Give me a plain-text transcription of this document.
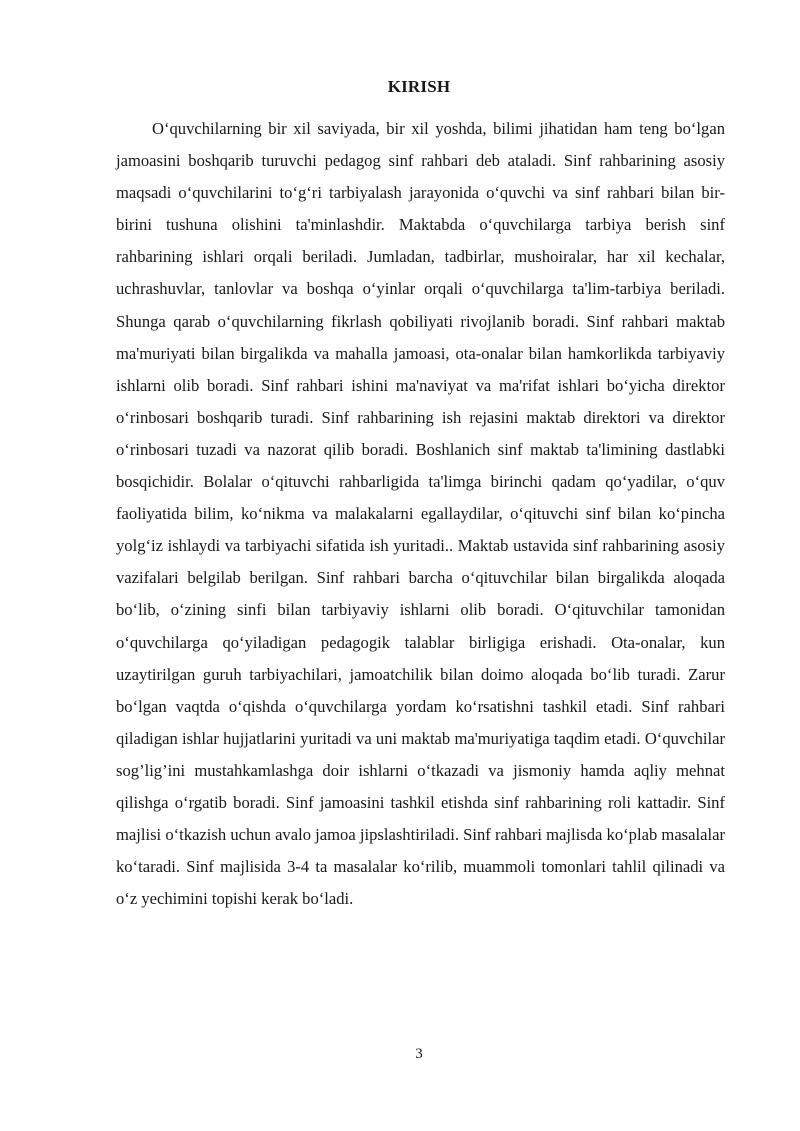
KIRISH

O‘quvchilarning bir xil saviyada, bir xil yoshda, bilimi jihatidan ham teng bo‘lgan jamoasini boshqarib turuvchi pedagog sinf rahbari deb ataladi. Sinf rahbarining asosiy maqsadi o‘quvchilarini to‘g‘ri tarbiyalash jarayonida o‘quvchi va sinf rahbari bilan bir-birini tushuna olishini ta'minlashdir. Maktabda o‘quvchilarga tarbiya berish sinf rahbarining ishlari orqali beriladi. Jumladan, tadbirlar, mushoiralar, har xil kechalar, uchrashuvlar, tanlovlar va boshqa o‘yinlar orqali o‘quvchilarga ta'lim-tarbiya beriladi. Shunga qarab o‘quvchilarning fikrlash qobiliyati rivojlanib boradi. Sinf rahbari maktab ma'muriyati bilan birgalikda va mahalla jamoasi, ota-onalar bilan hamkorlikda tarbiyaviy ishlarni olib boradi. Sinf rahbari ishini ma'naviyat va ma'rifat ishlari bo‘yicha direktor o‘rinbosari boshqarib turadi. Sinf rahbarining ish rejasini maktab direktori va direktor o‘rinbosari tuzadi va nazorat qilib boradi. Boshlanich sinf maktab ta'limining dastlabki bosqichidir. Bolalar o‘qituvchi rahbarligida ta'limga birinchi qadam qo‘yadilar, o‘quv faoliyatida bilim, ko‘nikma va malakalarni egallaydilar, o‘qituvchi sinf bilan ko‘pincha yolg‘iz ishlaydi va tarbiyachi sifatida ish yuritadi.. Maktab ustavida sinf rahbarining asosiy vazifalari belgilab berilgan. Sinf rahbari barcha o‘qituvchilar bilan birgalikda aloqada bo‘lib, o‘zining sinfi bilan tarbiyaviy ishlarni olib boradi. O‘qituvchilar tamonidan o‘quvchilarga qo‘yiladigan pedagogik talablar birligiga erishadi. Ota-onalar, kun uzaytirilgan guruh tarbiyachilari, jamoatchilik bilan doimo aloqada bo‘lib turadi. Zarur bo‘lgan vaqtda o‘qishda o‘quvchilarga yordam ko‘rsatishni tashkil etadi. Sinf rahbari qiladigan ishlar hujjatlarini yuritadi va uni maktab ma'muriyatiga taqdim etadi. O‘quvchilar sog’lig’ini mustahkamlashga doir ishlarni o‘tkazadi va jismoniy hamda aqliy mehnat qilishga o‘rgatib boradi. Sinf jamoasini tashkil etishda sinf rahbarining roli kattadir. Sinf majlisi o‘tkazish uchun avalo jamoa jipslashtiriladi. Sinf rahbari majlisda ko‘plab masalalar ko‘taradi. Sinf majlisida 3-4 ta masalalar ko‘rilib, muammoli tomonlari tahlil qilinadi va o‘z yechimini topishi kerak bo‘ladi.

3
